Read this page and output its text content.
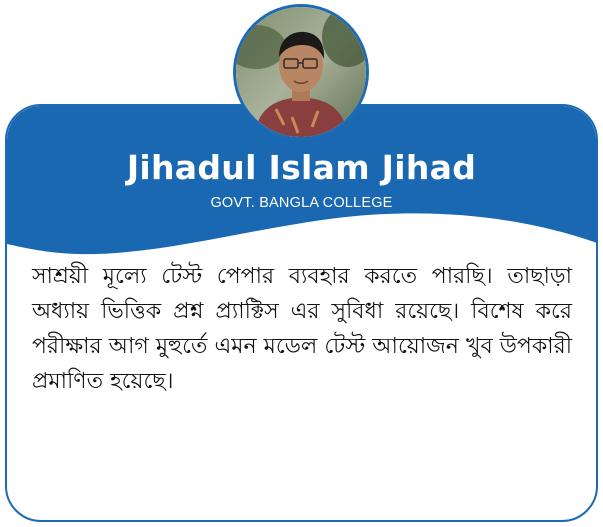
Jihadul Islam Jihad

GOVT. BANGLA COLLEGE

সাশ্রয়ী মূল্যে টেস্ট পেপার ব্যবহার করতে পারছি। তাছাড়া অধ্যায় ভিত্তিক প্রশ্ন প্র্যাক্টিস এর সুবিধা রয়েছে। বিশেষ করে পরীক্ষার আগ মুহুর্তে এমন মডেল টেস্ট আয়োজন খুব উপকারী প্রমাণিত হয়েছে।
